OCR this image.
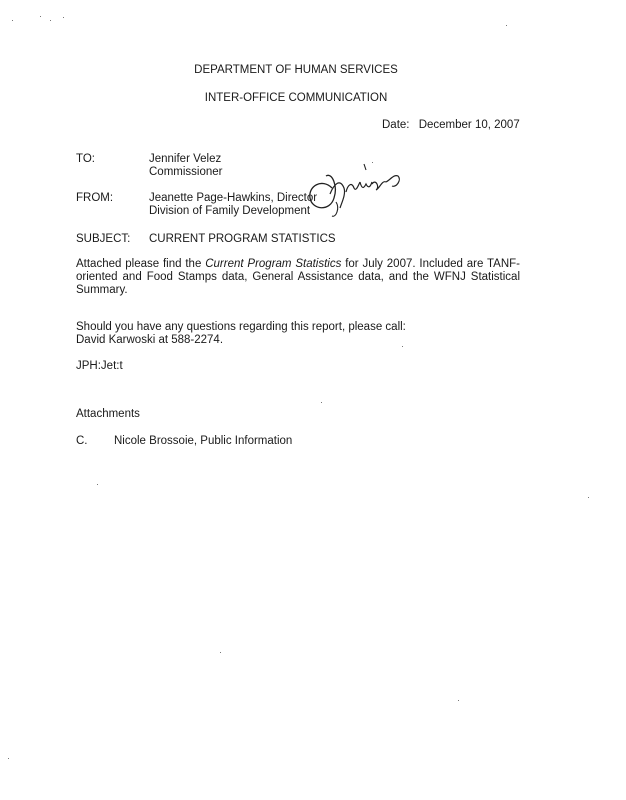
DEPARTMENT OF HUMAN SERVICES
INTER-OFFICE COMMUNICATION
Date: December 10, 2007
TO:	Jennifer Velez
Commissioner
FROM:	Jeanette Page-Hawkins, Director
Division of Family Development
SUBJECT: CURRENT PROGRAM STATISTICS
Attached please find the Current Program Statistics for July 2007. Included are TANF-oriented and Food Stamps data, General Assistance data, and the WFNJ Statistical Summary.
Should you have any questions regarding this report, please call:
David Karwoski at 588-2274.
JPH:Jet:t
Attachments
C. Nicole Brossoie, Public Information
